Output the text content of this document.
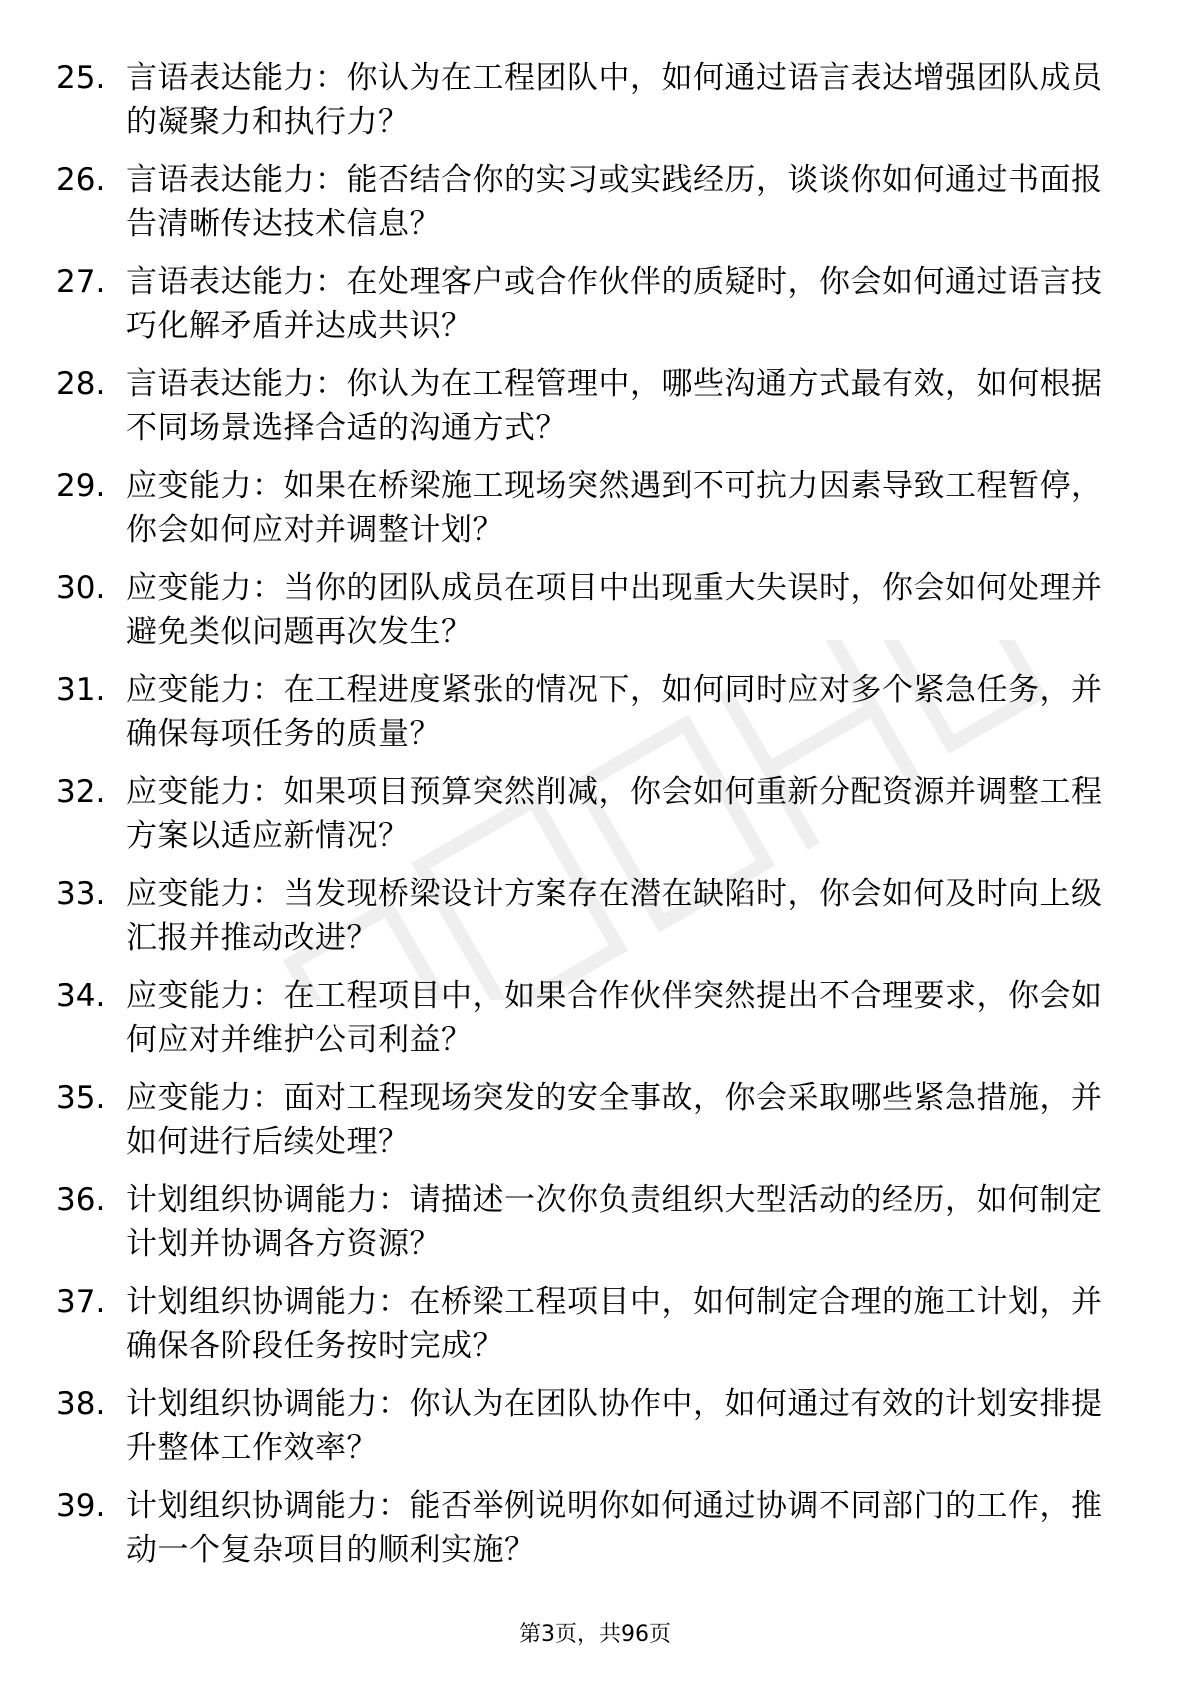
25. 言语表达能力：你认为在工程团队中，如何通过语言表达增强团队成员的凝聚力和执行力？
26. 言语表达能力：能否结合你的实习或实践经历，谈谈你如何通过书面报告清晰传达技术信息？
27. 言语表达能力：在处理客户或合作伙伴的质疑时，你会如何通过语言技巧化解矛盾并达成共识？
28. 言语表达能力：你认为在工程管理中，哪些沟通方式最有效，如何根据不同场景选择合适的沟通方式？
29. 应变能力：如果在桥梁施工现场突然遇到不可抗力因素导致工程暂停，你会如何应对并调整计划？
30. 应变能力：当你的团队成员在项目中出现重大失误时，你会如何处理并避免类似问题再次发生？
31. 应变能力：在工程进度紧张的情况下，如何同时应对多个紧急任务，并确保每项任务的质量？
32. 应变能力：如果项目预算突然削减，你会如何重新分配资源并调整工程方案以适应新情况？
33. 应变能力：当发现桥梁设计方案存在潜在缺陷时，你会如何及时向上级汇报并推动改进？
34. 应变能力：在工程项目中，如果合作伙伴突然提出不合理要求，你会如何应对并维护公司利益？
35. 应变能力：面对工程现场突发的安全事故，你会采取哪些紧急措施，并如何进行后续处理？
36. 计划组织协调能力：请描述一次你负责组织大型活动的经历，如何制定计划并协调各方资源？
37. 计划组织协调能力：在桥梁工程项目中，如何制定合理的施工计划，并确保各阶段任务按时完成？
38. 计划组织协调能力：你认为在团队协作中，如何通过有效的计划安排提升整体工作效率？
39. 计划组织协调能力：能否举例说明你如何通过协调不同部门的工作，推动一个复杂项目的顺利实施？
第3页，共96页
